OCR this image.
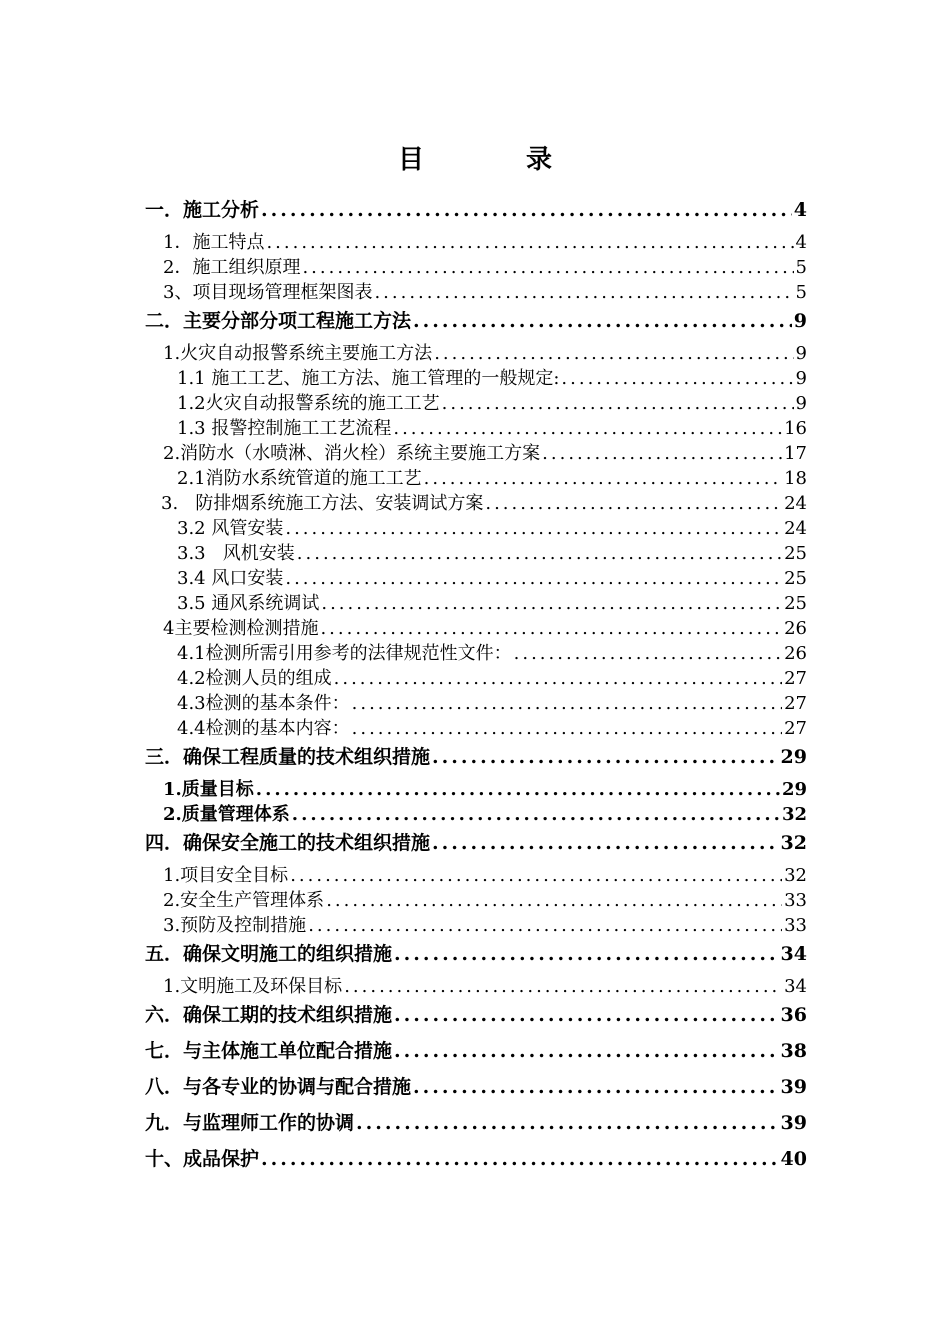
目　录
一．施工分析 .....	4
1．施工特点 .....	4
2．施工组织原理 .....	5
3、项目现场管理框架图表 .....	5
二．主要分部分项工程施工方法 .....	9
1.火灾自动报警系统主要施工方法 .....	9
1.1 施工工艺、施工方法、施工管理的一般规定: .....	9
1.2火灾自动报警系统的施工工艺 .....	9
1.3 报警控制施工工艺流程 .....	16
2.消防水（水喷淋、消火栓）系统主要施工方案 .....	17
2.1消防水系统管道的施工工艺 .....	18
3.   防排烟系统施工方法、安装调试方案 .....	24
3.2 风管安装 .....	24
3.3   风机安装 .....	25
3.4 风口安装 .....	25
3.5 通风系统调试 .....	25
4主要检测检测措施 .....	26
4.1检测所需引用参考的法律规范性文件： .....	26
4.2检测人员的组成 .....	27
4.3检测的基本条件： .....	27
4.4检测的基本内容： .....	27
三．确保工程质量的技术组织措施 .....	29
1.质量目标 .....	29
2.质量管理体系 .....	32
四．确保安全施工的技术组织措施 .....	32
1.项目安全目标 .....	32
2.安全生产管理体系 .....	33
3.预防及控制措施 .....	33
五．确保文明施工的组织措施 .....	34
1.文明施工及环保目标 .....	34
六．确保工期的技术组织措施 .....	36
七．与主体施工单位配合措施 .....	38
八．与各专业的协调与配合措施 .....	39
九．与监理师工作的协调 .....	39
十、成品保护 .....	40
